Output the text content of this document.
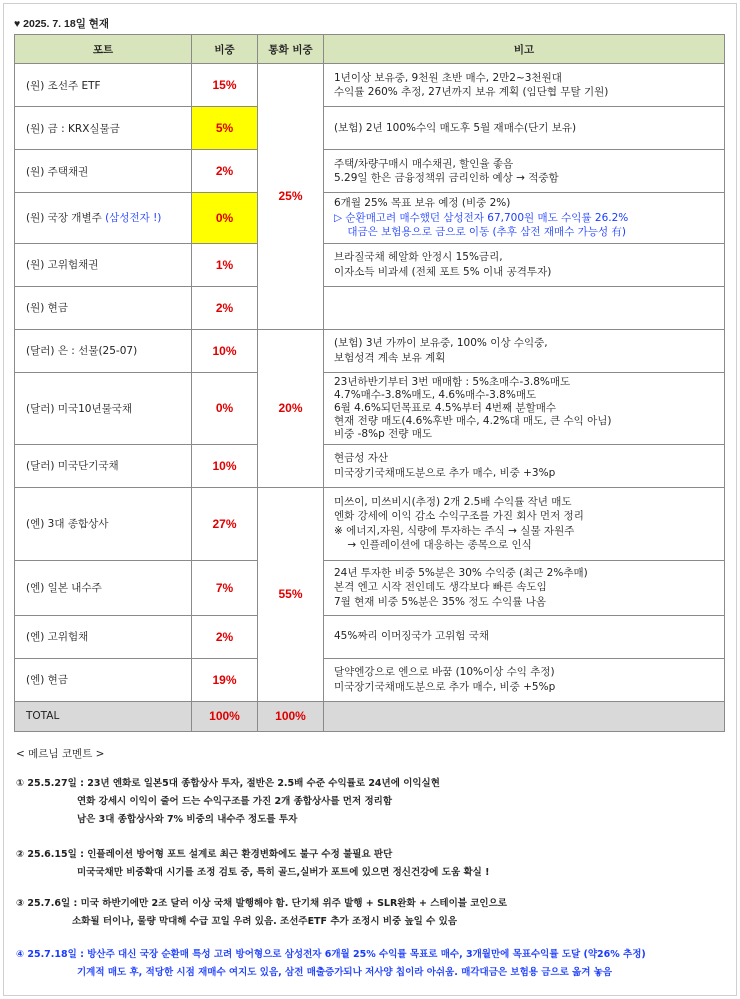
♥ 2025. 7. 18일 현재
포트	비중	통화 비중	비고
(원) 조선주 ETF	15%	25%	1년이상 보유중, 9천원 초반 매수, 2만2~3천원대
수익률 260% 추정, 27년까지 보유 계획 (임단협 무탈 기원)

(원) 금 : KRX실물금	5%		(보험) 2년 100%수익 매도후 5월 재매수(단기 보유)

(원) 주택채권	2%		주택/차량구매시 매수채권, 할인율 좋음
5.29일 한은 금융정책위 금리인하 예상 → 적중함

(원) 국장 개별주 (삼성전자 !)	0%		6개월 25% 목표 보유 예정 (비중 2%)
▷ 순환매고려 매수했던 삼성전자 67,700원 매도 수익률 26.2%
대금은 보험용으로 금으로 이동 (추후 삼전 재매수 가능성 有)

(원) 고위험채권	1%		브라질국채 헤알화 안정시 15%금리,
이자소득 비과세 (전체 포트 5% 이내 공격투자)

(원) 현금	2%		
(달러) 은 : 선물(25-07)	10%	20%	(보험) 3년 가까이 보유중, 100% 이상 수익중,
보험성격 계속 보유 계획

(달러) 미국10년물국채	0%		23년하반기부터 3번 매매함 : 5%초매수-3.8%매도
4.7%매수-3.8%매도, 4.6%매수-3.8%매도
6월 4.6%되던목표로 4.5%부터 4번째 분할매수
현재 전량 매도(4.6%후반 매수, 4.2%대 매도, 큰 수익 아님)
비중 -8%p 전량 매도

(달러) 미국단기국채	10%		현금성 자산
미국장기국채매도분으로 추가 매수, 비중 +3%p

(엔) 3대 종합상사	27%	55%	미쓰이, 미쓰비시(추정) 2개 2.5배 수익률 작년 매도
엔화 강세에 이익 감소 수익구조를 가진 회사 먼저 정리
※ 에너지,자원, 식량에 투자하는 주식 → 실물 자원주
→ 인플레이션에 대응하는 종목으로 인식

(엔) 일본 내수주	7%		24년 투자한 비중 5%분은 30% 수익중 (최근 2%추매)
본격 엔고 시작 전인데도 생각보다 빠른 속도임
7월 현재 비중 5%분은 35% 정도 수익률 나옴

(엔) 고위험채	2%		45%짜리 이머징국가 고위험 국채

(엔) 현금	19%		달약엔강으로 엔으로 바꿈 (10%이상 수익 추정)
미국장기국채매도분으로 추가 매수, 비중 +5%p

TOTAL	100%	100%	
< 메르님 코멘트 >
① 25.5.27일 : 23년 엔화로 일본5대 종합상사 투자, 절반은 2.5배 수준 수익률로 24년에 이익실현
연화 강세시 이익이 줄어 드는 수익구조를 가진 2개 종합상사를 먼저 정리함
남은 3대 종합상사와 7% 비중의 내수주 정도를 투자
② 25.6.15일 : 인플레이션 방어형 포트 설계로 최근 환경변화에도 불구 수정 불필요 판단
미국국채만 비중확대 시기를 조정 검토 중, 특히 골드,실버가 포트에 있으면 정신건강에 도움 확실 !
③ 25.7.6일 : 미국 하반기에만 2조 달러 이상 국채 발행해야 함. 단기채 위주 발행 + SLR완화 + 스테이블 코인으로
소화될 터이나, 물량 막대해 수급 꼬일 우려 있음. 조선주ETF 추가 조정시 비중 높일 수 있음
④ 25.7.18일 : 방산주 대신 국장 순환매 특성 고려 방어형으로 삼성전자 6개월 25% 수익률 목표로 매수, 3개월만에 목표수익률 도달 (약26% 추정)
기계적 매도 후, 적당한 시점 재매수 여지도 있음, 삼전 매출증가되나 저사양 칩이라 아쉬움. 매각대금은 보험용 금으로 옮겨 놓음
